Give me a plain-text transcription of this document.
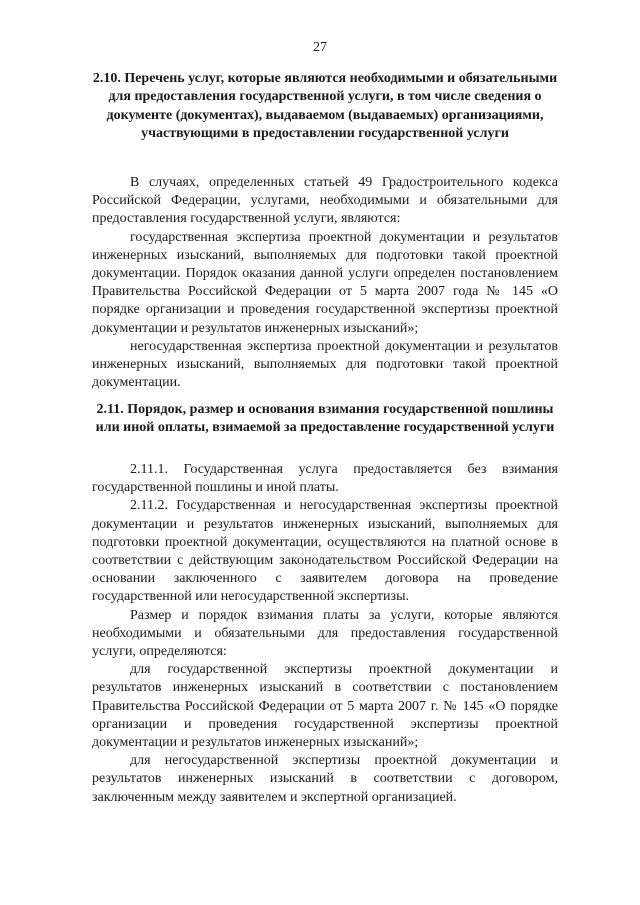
27
2.10. Перечень услуг, которые являются необходимыми и обязательными для предоставления государственной услуги, в том числе сведения о документе (документах), выдаваемом (выдаваемых) организациями, участвующими в предоставлении государственной услуги

В случаях, определенных статьей 49 Градостроительного кодекса Российской Федерации, услугами, необходимыми и обязательными для предоставления государственной услуги, являются:

государственная экспертиза проектной документации и результатов инженерных изысканий, выполняемых для подготовки такой проектной документации. Порядок оказания данной услуги определен постановлением Правительства Российской Федерации от 5 марта 2007 года № 145 «О порядке организации и проведения государственной экспертизы проектной документации и результатов инженерных изысканий»;

негосударственная экспертиза проектной документации и результатов инженерных изысканий, выполняемых для подготовки такой проектной документации.

2.11. Порядок, размер и основания взимания государственной пошлины или иной оплаты, взимаемой за предоставление государственной услуги

2.11.1. Государственная услуга предоставляется без взимания государственной пошлины и иной платы.

2.11.2. Государственная и негосударственная экспертизы проектной документации и результатов инженерных изысканий, выполняемых для подготовки проектной документации, осуществляются на платной основе в соответствии с действующим законодательством Российской Федерации на основании заключенного с заявителем договора на проведение государственной или негосударственной экспертизы.

Размер и порядок взимания платы за услуги, которые являются необходимыми и обязательными для предоставления государственной услуги, определяются:

для государственной экспертизы проектной документации и результатов инженерных изысканий в соответствии с постановлением Правительства Российской Федерации от 5 марта 2007 г. № 145 «О порядке организации и проведения государственной экспертизы проектной документации и результатов инженерных изысканий»;

для негосударственной экспертизы проектной документации и результатов инженерных изысканий в соответствии с договором, заключенным между заявителем и экспертной организацией.
